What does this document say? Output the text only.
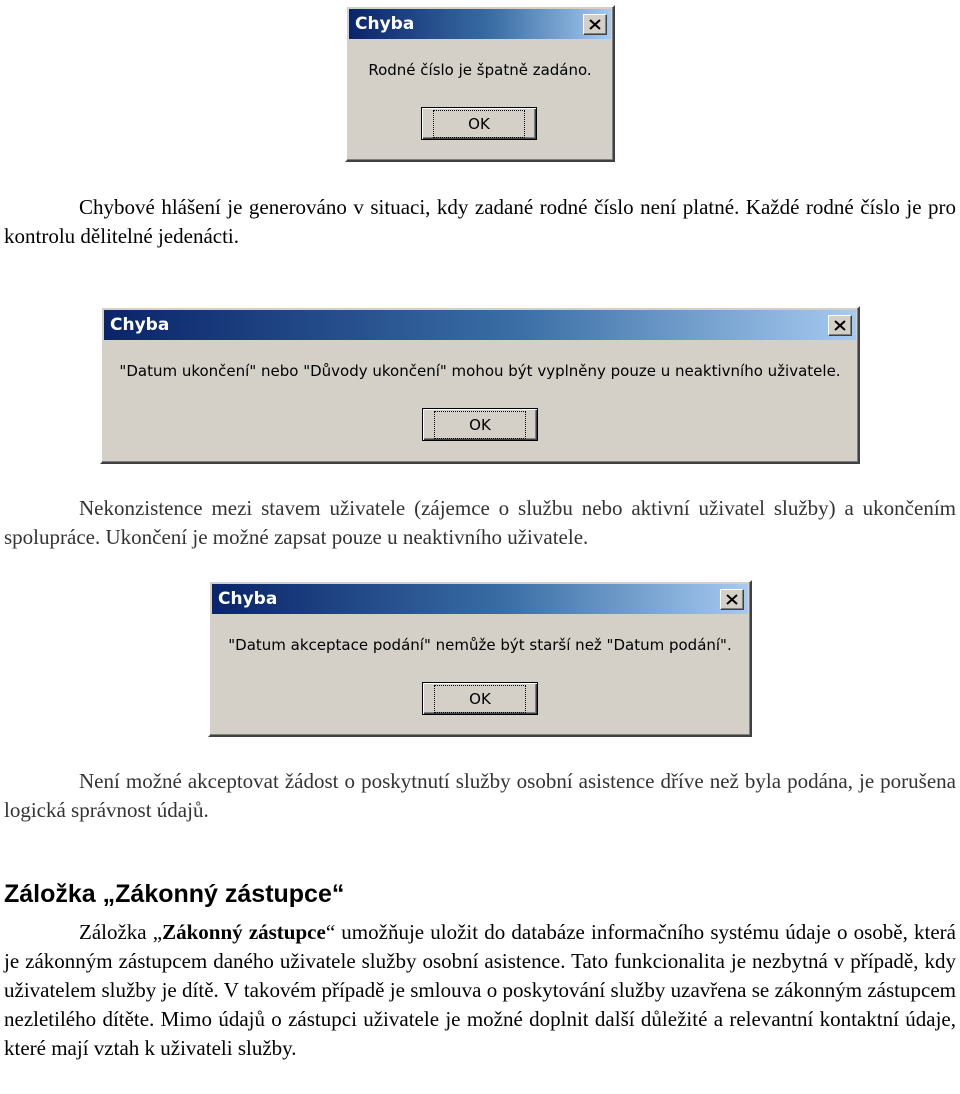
Chyba
Rodné číslo je špatně zadáno.
OK

Chybové hlášení je generováno v situaci, kdy zadané rodné číslo není platné. Každé rodné číslo je pro kontrolu dělitelné jedenácti.

Chyba
"Datum ukončení" nebo "Důvody ukončení" mohou být vyplněny pouze u neaktivního uživatele.
OK

Nekonzistence mezi stavem uživatele (zájemce o službu nebo aktivní uživatel služby) a ukončením spolupráce. Ukončení je možné zapsat pouze u neaktivního uživatele.

Chyba
"Datum akceptace podání" nemůže být starší než "Datum podání".
OK

Není možné akceptovat žádost o poskytnutí služby osobní asistence dříve než byla podána, je porušena logická správnost údajů.

Záložka „Zákonný zástupce“

Záložka „Zákonný zástupce“ umožňuje uložit do databáze informačního systému údaje o osobě, která je zákonným zástupcem daného uživatele služby osobní asistence. Tato funkcionalita je nezbytná v případě, kdy uživatelem služby je dítě. V takovém případě je smlouva o poskytování služby uzavřena se zákonným zástupcem nezletilého dítěte. Mimo údajů o zástupci uživatele je možné doplnit další důležité a relevantní kontaktní údaje, které mají vztah k uživateli služby.
